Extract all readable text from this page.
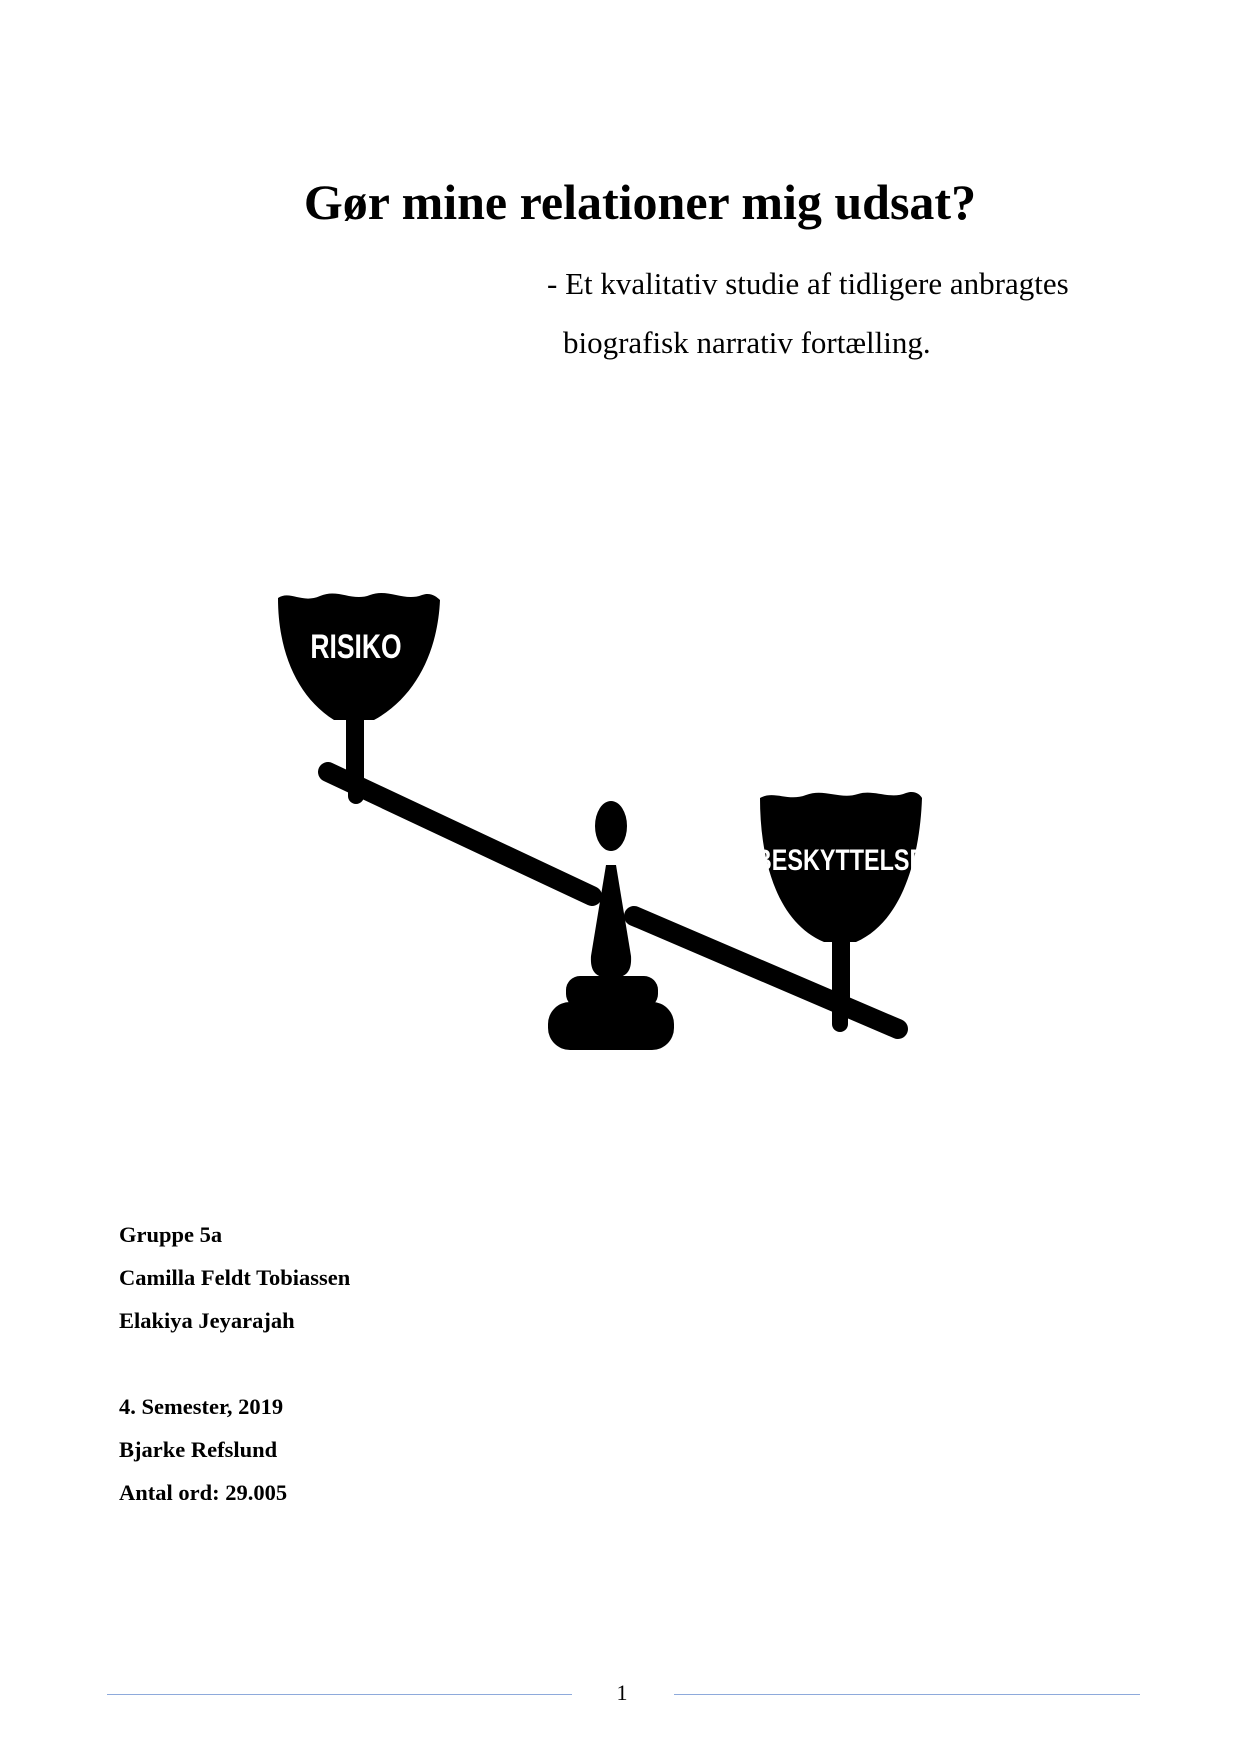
Gør mine relationer mig udsat?
- Et kvalitativ studie af tidligere anbragtes
biografisk narrativ fortælling.
RISIKO
BESKYTTELSE
Gruppe 5a
Camilla Feldt Tobiassen
Elakiya Jeyarajah
4. Semester, 2019
Bjarke Refslund
Antal ord: 29.005
1
